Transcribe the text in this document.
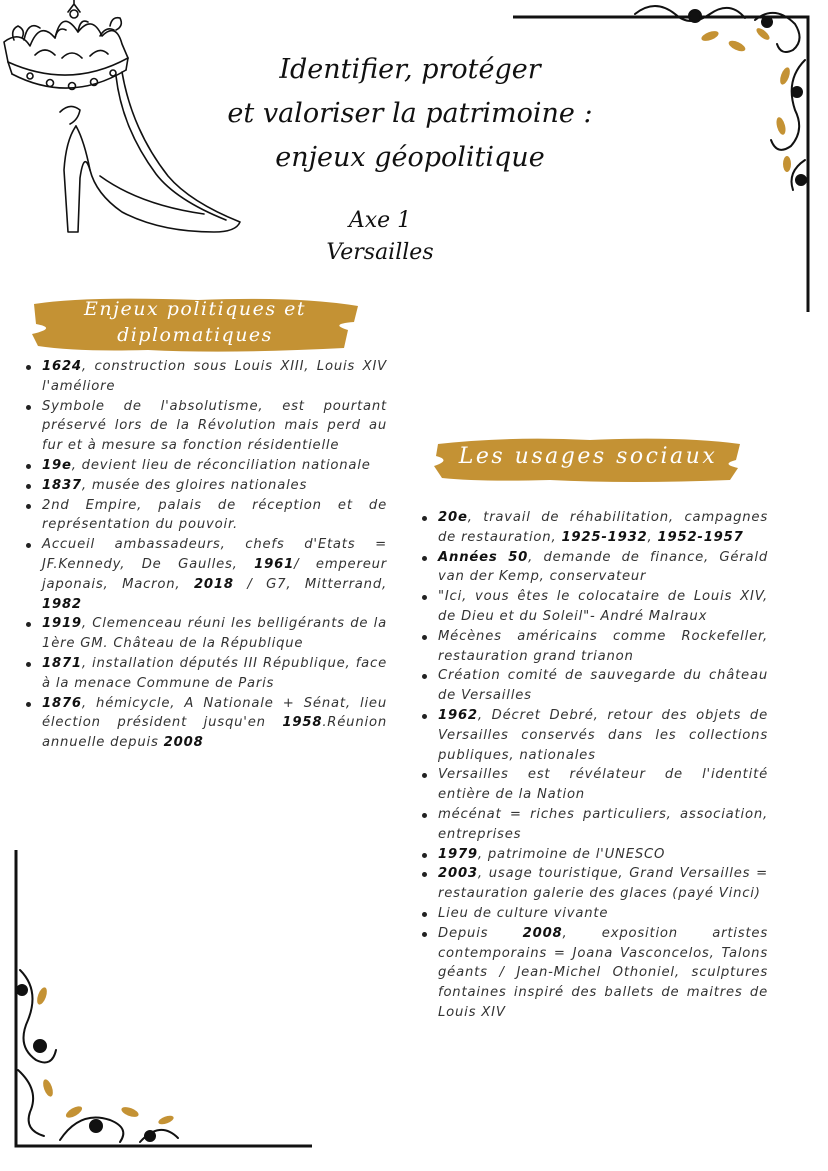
Identifier, protéger
et valoriser la patrimoine :
enjeux géopolitique
Axe 1
Versailles
Enjeux politiques et
diplomatiques
Les usages sociaux
1624, construction sous Louis XIII, Louis XIV l'améliore
Symbole de l'absolutisme, est pourtant préservé lors de la Révolution mais perd au fur et à mesure sa fonction résidentielle
19e, devient lieu de réconciliation nationale
1837, musée des gloires nationales
2nd Empire, palais de réception et de représentation du pouvoir.
Accueil ambassadeurs, chefs d'Etats = JF.Kennedy, De Gaulles, 1961/ empereur japonais, Macron, 2018 / G7, Mitterrand, 1982
1919, Clemenceau réuni les belligérants de la 1ère GM. Château de la République
1871, installation députés III République, face à la menace Commune de Paris
1876, hémicycle, A Nationale + Sénat, lieu élection président jusqu'en 1958.Réunion annuelle depuis 2008
20e, travail de réhabilitation, campagnes de restauration, 1925-1932, 1952-1957
Années 50, demande de finance, Gérald van der Kemp, conservateur
"Ici, vous êtes le colocataire de Louis XIV, de Dieu et du Soleil"- André Malraux
Mécènes américains comme Rockefeller, restauration grand trianon
Création comité de sauvegarde du château de Versailles
1962, Décret Debré, retour des objets de Versailles conservés dans les collections publiques, nationales
Versailles est révélateur de l'identité entière de la Nation
mécénat = riches particuliers, association, entreprises
1979, patrimoine de l'UNESCO
2003, usage touristique, Grand Versailles = restauration galerie des glaces (payé Vinci)
Lieu de culture vivante
Depuis 2008, exposition artistes contemporains = Joana Vasconcelos, Talons géants / Jean-Michel Othoniel, sculptures fontaines inspiré des ballets de maitres de Louis XIV
